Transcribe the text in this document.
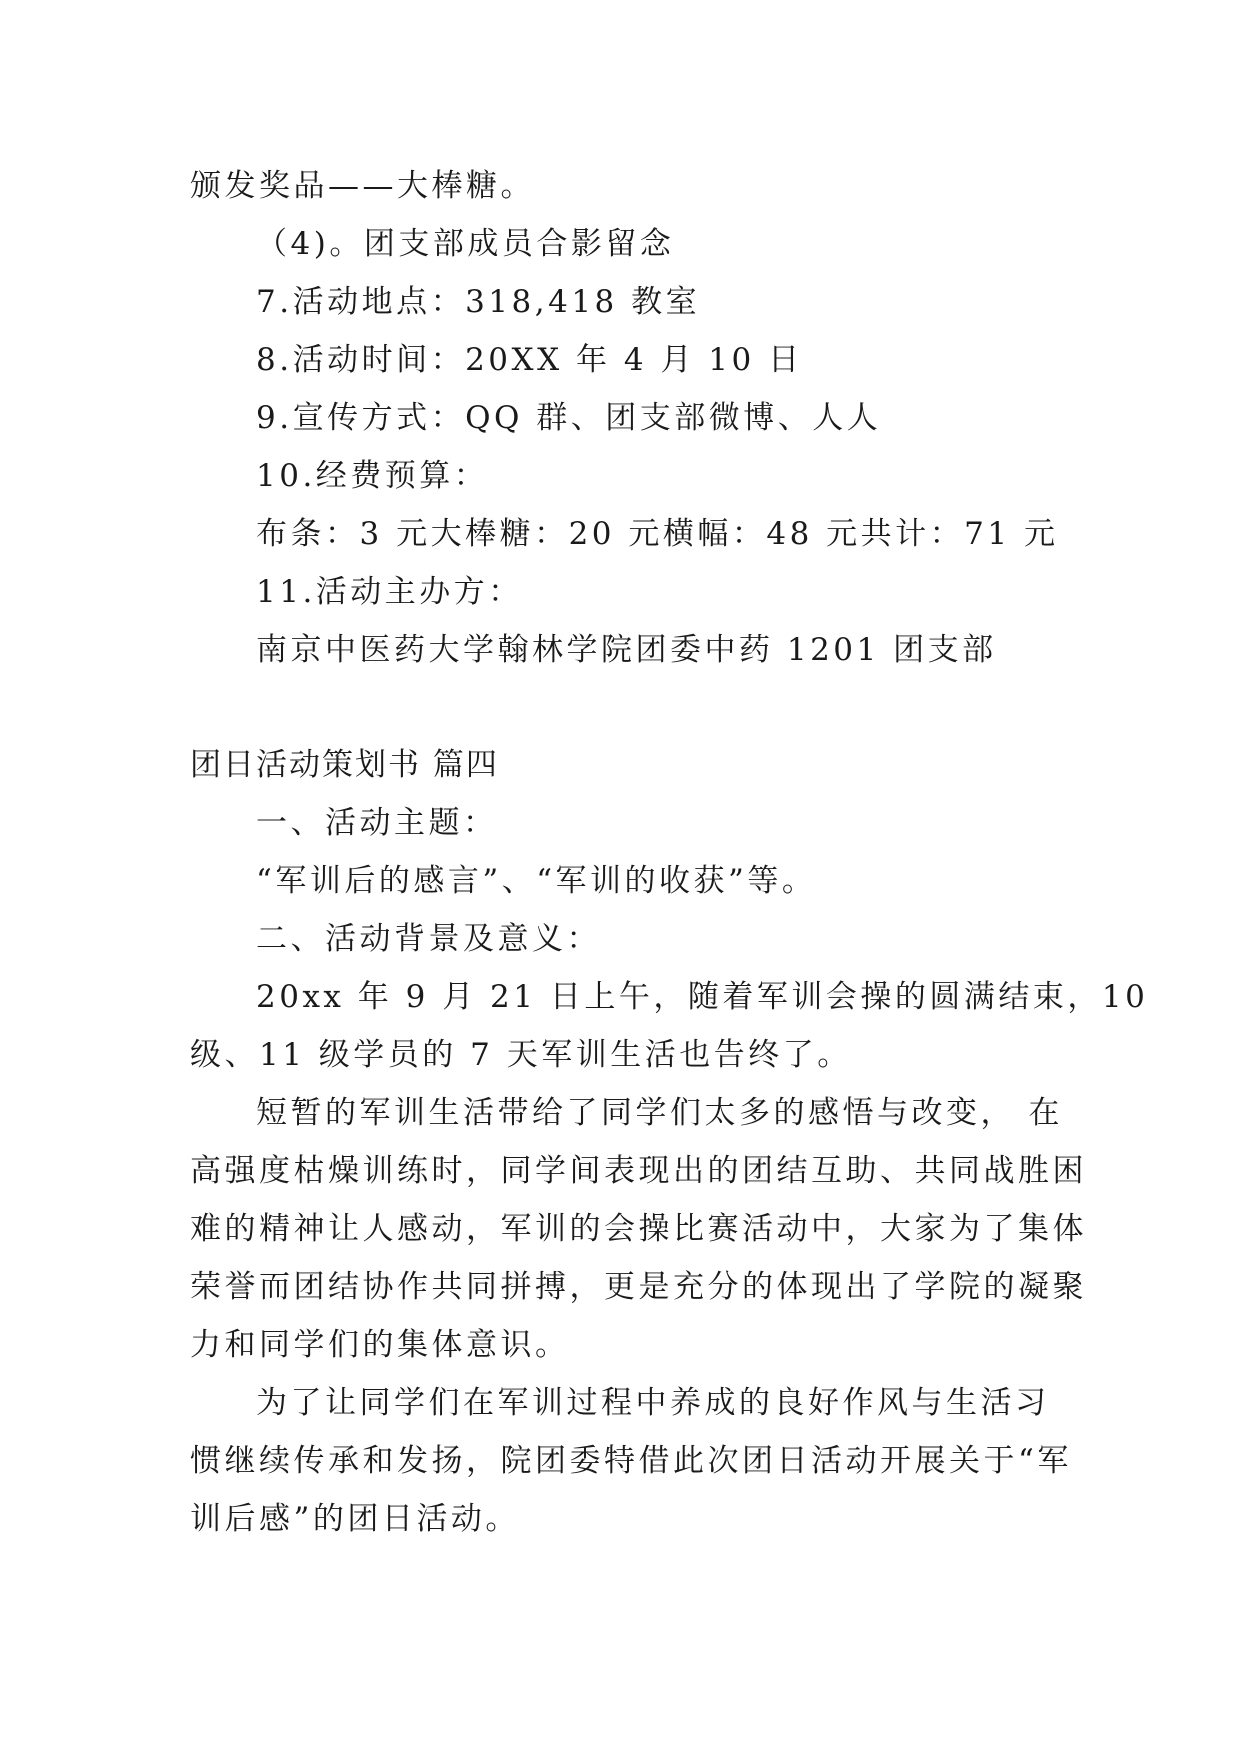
颁发奖品——大棒糖。

（4)。团支部成员合影留念

7.活动地点：318,418 教室

8.活动时间：20XX 年 4 月 10 日

9.宣传方式：QQ 群、团支部微博、人人

10.经费预算：

布条：3 元大棒糖：20 元横幅：48 元共计：71 元

11.活动主办方：

南京中医药大学翰林学院团委中药 1201 团支部

团日活动策划书 篇四

一、活动主题：

“军训后的感言”、“军训的收获”等。

二、活动背景及意义：

20xx 年 9 月 21 日上午，随着军训会操的圆满结束，10

级、11 级学员的 7 天军训生活也告终了。

短暂的军训生活带给了同学们太多的感悟与改变， 在

高强度枯燥训练时，同学间表现出的团结互助、共同战胜困

难的精神让人感动，军训的会操比赛活动中，大家为了集体

荣誉而团结协作共同拼搏，更是充分的体现出了学院的凝聚

力和同学们的集体意识。

为了让同学们在军训过程中养成的良好作风与生活习

惯继续传承和发扬，院团委特借此次团日活动开展关于“军

训后感”的团日活动。
